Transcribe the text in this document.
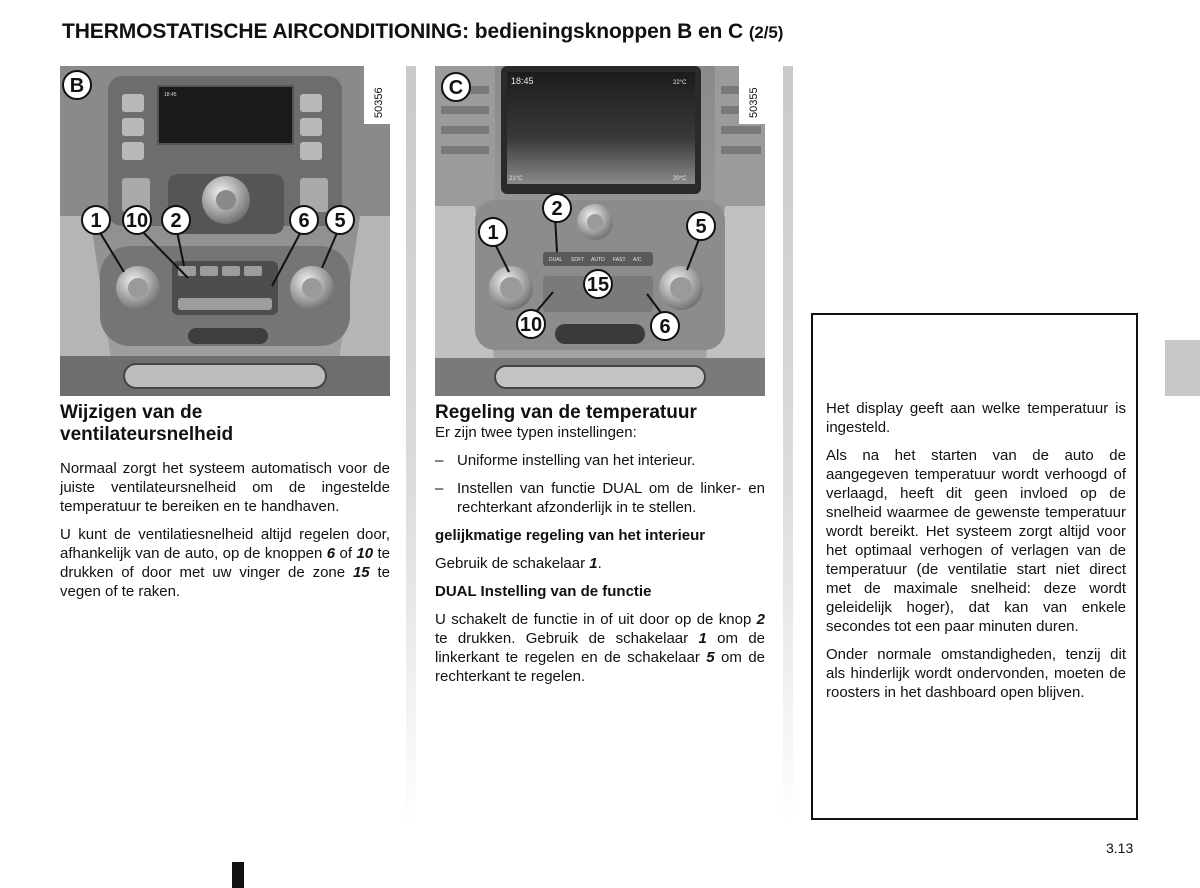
THERMOSTATISCHE AIRCONDITIONING: bedieningsknoppen B en C (2/5)
18:45
B
1 10 2	6 5
50356
18:45	22°C
21°C	20°C
DUAL SOFT AUTO FAST A/C
C
2
1	5
15
10	6
50355
Wijzigen van de
ventilateursnelheid

Normaal zorgt het systeem automatisch voor de juiste ventilateursnelheid om de ingestelde temperatuur te bereiken en te handhaven.

U kunt de ventilatiesnelheid altijd regelen door, afhankelijk van de auto, op de knoppen 6 of 10 te drukken of door met uw vinger de zone 15 te vegen of te raken.

Regeling van de temperatuur

Er zijn twee typen instellingen:

– Uniforme instelling van het interieur.
– Instellen van functie DUAL om de linker- en rechterkant afzonderlijk in te stellen.

gelijkmatige regeling van het interieur

Gebruik de schakelaar 1.

DUAL Instelling van de functie

U schakelt de functie in of uit door op de knop 2 te drukken. Gebruik de schakelaar 1 om de linkerkant te regelen en de schakelaar 5 om de rechterkant te regelen.

Het display geeft aan welke temperatuur is ingesteld.

Als na het starten van de auto de aangegeven temperatuur wordt verhoogd of verlaagd, heeft dit geen invloed op de snelheid waarmee de gewenste temperatuur wordt bereikt. Het systeem zorgt altijd voor het optimaal verhogen of verlagen van de temperatuur (de ventilatie start niet direct met de maximale snelheid: deze wordt geleidelijk hoger), dat kan van enkele secondes tot een paar minuten duren.

Onder normale omstandigheden, tenzij dit als hinderlijk wordt ondervonden, moeten de roosters in het dashboard open blijven.

3.13
